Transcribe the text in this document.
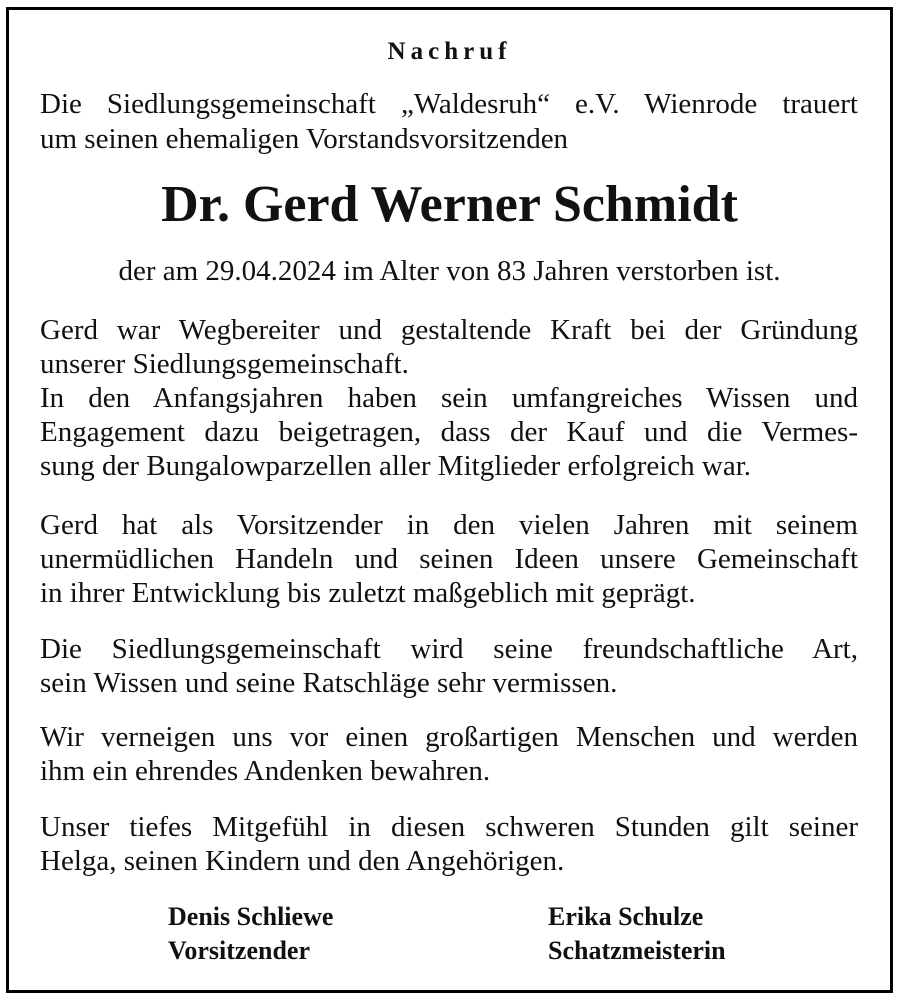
Nachruf
Die Siedlungsgemeinschaft „Waldesruh“ e.V. Wienrode trauert
um seinen ehemaligen Vorstandsvorsitzenden
Dr. Gerd Werner Schmidt
der am 29.04.2024 im Alter von 83 Jahren verstorben ist.
Gerd war Wegbereiter und gestaltende Kraft bei der Gründung
unserer Siedlungsgemeinschaft.
In den Anfangsjahren haben sein umfangreiches Wissen und
Engagement dazu beigetragen, dass der Kauf und die Vermes-
sung der Bungalowparzellen aller Mitglieder erfolgreich war.
Gerd hat als Vorsitzender in den vielen Jahren mit seinem
unermüdlichen Handeln und seinen Ideen unsere Gemeinschaft
in ihrer Entwicklung bis zuletzt maßgeblich mit geprägt.
Die Siedlungsgemeinschaft wird seine freundschaftliche Art,
sein Wissen und seine Ratschläge sehr vermissen.
Wir verneigen uns vor einen großartigen Menschen und werden
ihm ein ehrendes Andenken bewahren.
Unser tiefes Mitgefühl in diesen schweren Stunden gilt seiner
Helga, seinen Kindern und den Angehörigen.
Denis Schliewe
Vorsitzender
Erika Schulze
Schatzmeisterin
